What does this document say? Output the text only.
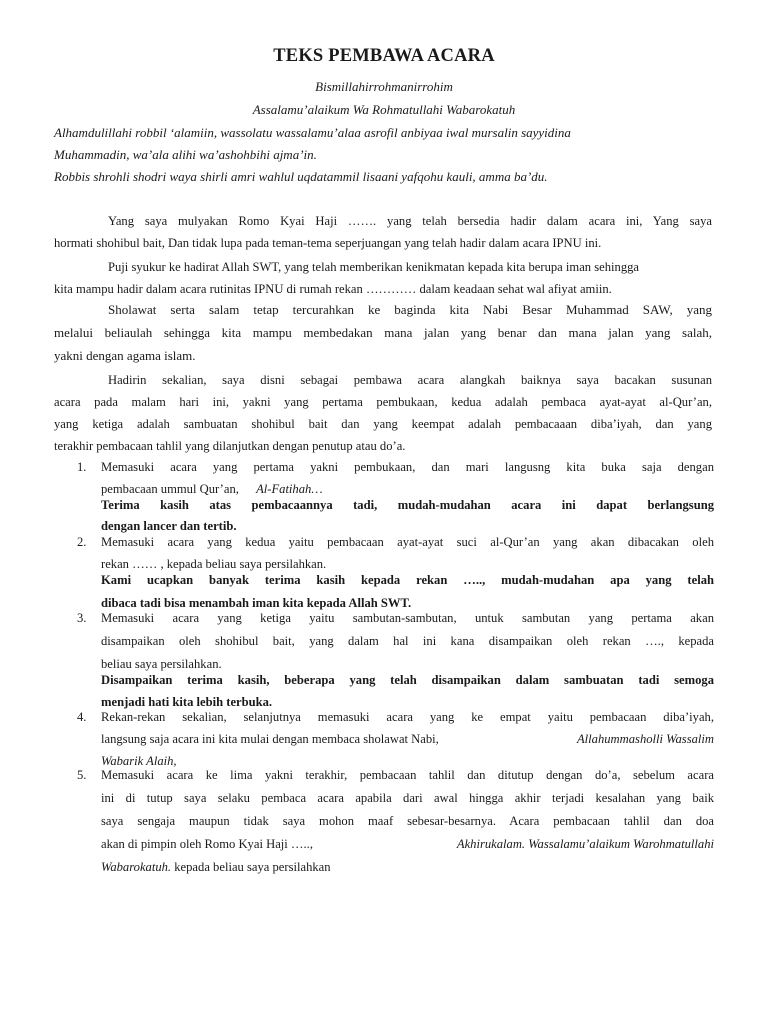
TEKS PEMBAWA ACARA
Bismillahirrohmanirrohim
Assalamu’alaikum Wa Rohmatullahi Wabarokatuh
Alhamdulillahi robbil ‘alamiin, wassolatu wassalamu’alaa asrofil anbiyaa iwal mursalin sayyidina
Muhammadin, wa’ala alihi wa’ashohbihi ajma’in.
Robbis shrohli shodri waya shirli amri wahlul uqdatammil lisaani yafqohu kauli, amma ba’du.
Yang saya mulyakan Romo Kyai Haji ……. yang telah bersedia hadir dalam acara ini, Yang saya
hormati shohibul bait, Dan tidak lupa pada teman-tema seperjuangan yang telah hadir dalam acara IPNU ini.
Puji syukur ke hadirat Allah SWT, yang telah memberikan kenikmatan kepada kita berupa iman sehingga
kita mampu hadir dalam acara rutinitas IPNU di rumah rekan ………… dalam keadaan sehat wal afiyat amiin.
Sholawat serta salam tetap tercurahkan ke baginda kita Nabi Besar Muhammad SAW, yang
melalui beliaulah sehingga kita mampu membedakan mana jalan yang benar dan mana jalan yang salah,
yakni dengan agama islam.
Hadirin sekalian, saya disni sebagai pembawa acara alangkah baiknya saya bacakan susunan
acara pada malam hari ini, yakni yang pertama pembukaan, kedua adalah pembaca ayat-ayat al-Qur’an,
yang ketiga adalah sambuatan shohibul bait dan yang keempat adalah pembacaaan diba’iyah, dan yang
terakhir pembacaan tahlil yang dilanjutkan dengan penutup atau do’a.
1. Memasuki acara yang pertama yakni pembukaan, dan mari langusng kita buka saja dengan
pembacaan ummul Qur’an, Al-Fatihah…
Terima kasih atas pembacaannya tadi, mudah-mudahan acara ini dapat berlangsung
dengan lancer dan tertib.
2. Memasuki acara yang kedua yaitu pembacaan ayat-ayat suci al-Qur’an yang akan dibacakan oleh
rekan …… , kepada beliau saya persilahkan.
Kami ucapkan banyak terima kasih kepada rekan ….., mudah-mudahan apa yang telah
dibaca tadi bisa menambah iman kita kepada Allah SWT.
3. Memasuki acara yang ketiga yaitu sambutan-sambutan, untuk sambutan yang pertama akan
disampaikan oleh shohibul bait, yang dalam hal ini kana disampaikan oleh rekan …., kepada
beliau saya persilahkan.
Disampaikan terima kasih, beberapa yang telah disampaikan dalam sambuatan tadi semoga
menjadi hati kita lebih terbuka.
4. Rekan-rekan sekalian, selanjutnya memasuki acara yang ke empat yaitu pembacaan diba’iyah,
langsung saja acara ini kita mulai dengan membaca sholawat Nabi,	Allahummasholli Wassalim
Wabarik Alaih,
5. Memasuki acara ke lima yakni terakhir, pembacaan tahlil dan ditutup dengan do’a, sebelum acara
ini di tutup saya selaku pembaca acara apabila dari awal hingga akhir terjadi kesalahan yang baik
saya sengaja maupun tidak saya mohon maaf sebesar-besarnya. Acara pembacaan tahlil dan doa
akan di pimpin oleh Romo Kyai Haji …..,	Akhirukalam. Wassalamu’alaikum Warohmatullahi
Wabarokatuh. kepada beliau saya persilahkan
